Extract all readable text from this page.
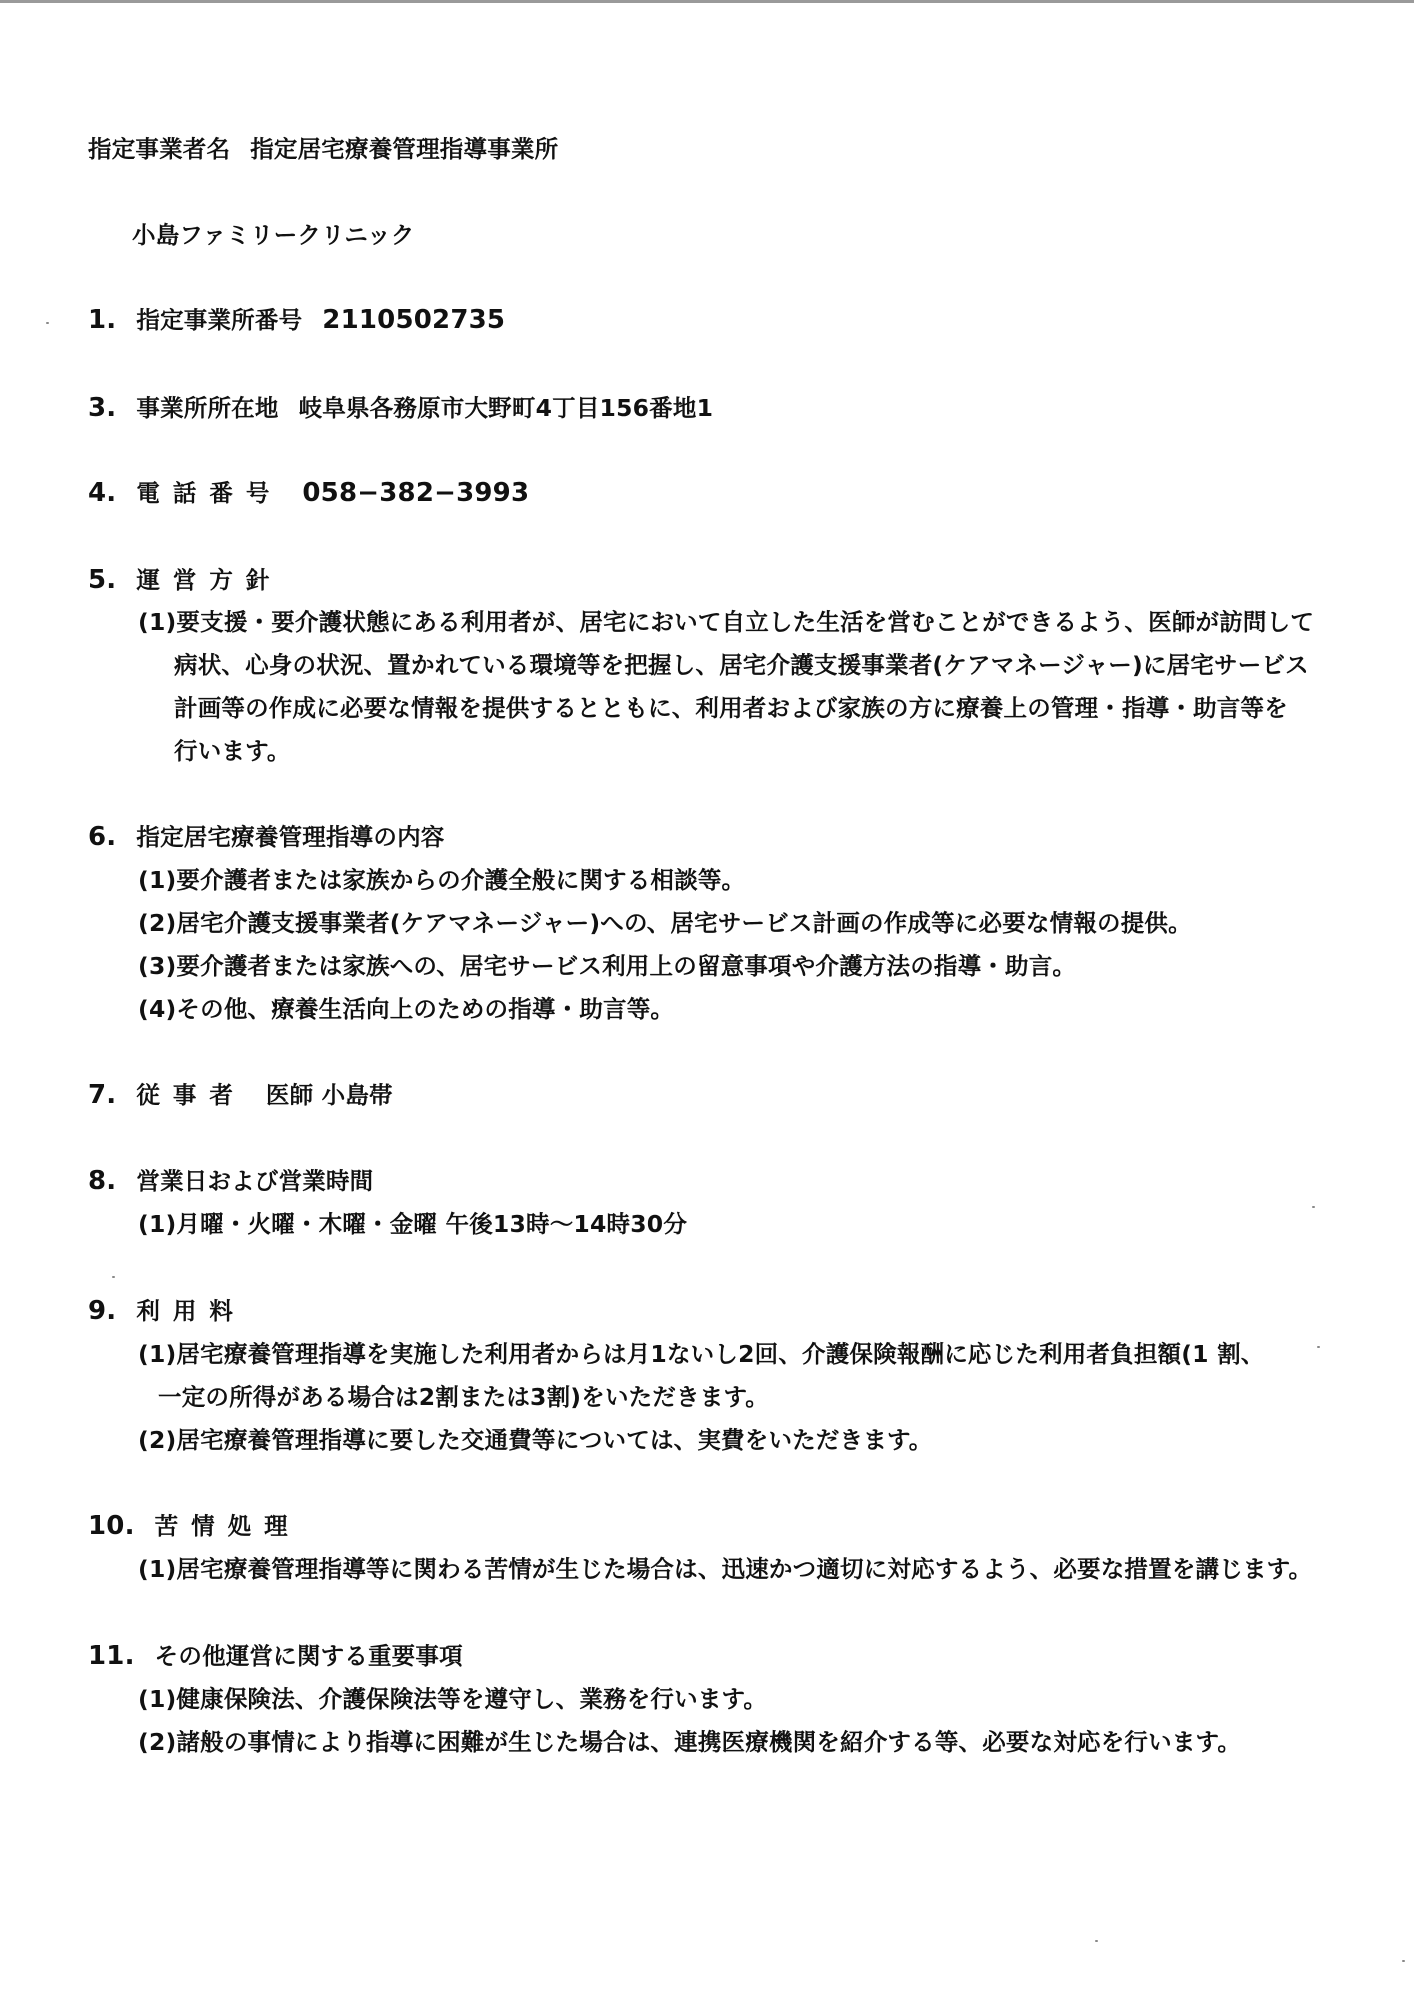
指定事業者名 指定居宅療養管理指導事業所
小島ファミリークリニック
1. 指定事業所番号 2110502735
3. 事業所所在地 岐阜県各務原市大野町4丁目156番地1
4. 電話番号 058−382−3993
5. 運営方針
(1)要支援・要介護状態にある利用者が、居宅において自立した生活を営むことができるよう、医師が訪問して
病状、心身の状況、置かれている環境等を把握し、居宅介護支援事業者(ケアマネージャー)に居宅サービス
計画等の作成に必要な情報を提供するとともに、利用者および家族の方に療養上の管理・指導・助言等を
行います。
6. 指定居宅療養管理指導の内容
(1)要介護者または家族からの介護全般に関する相談等。
(2)居宅介護支援事業者(ケアマネージャー)への、居宅サービス計画の作成等に必要な情報の提供。
(3)要介護者または家族への、居宅サービス利用上の留意事項や介護方法の指導・助言。
(4)その他、療養生活向上のための指導・助言等。
7. 従事者 医師 小島帯
8. 営業日および営業時間
(1)月曜・火曜・木曜・金曜 午後13時〜14時30分
9. 利用料
(1)居宅療養管理指導を実施した利用者からは月1ないし2回、介護保険報酬に応じた利用者負担額(1 割、
一定の所得がある場合は2割または3割)をいただきます。
(2)居宅療養管理指導に要した交通費等については、実費をいただきます。
10. 苦情処理
(1)居宅療養管理指導等に関わる苦情が生じた場合は、迅速かつ適切に対応するよう、必要な措置を講じます。
11. その他運営に関する重要事項
(1)健康保険法、介護保険法等を遵守し、業務を行います。
(2)諸般の事情により指導に困難が生じた場合は、連携医療機関を紹介する等、必要な対応を行います。
